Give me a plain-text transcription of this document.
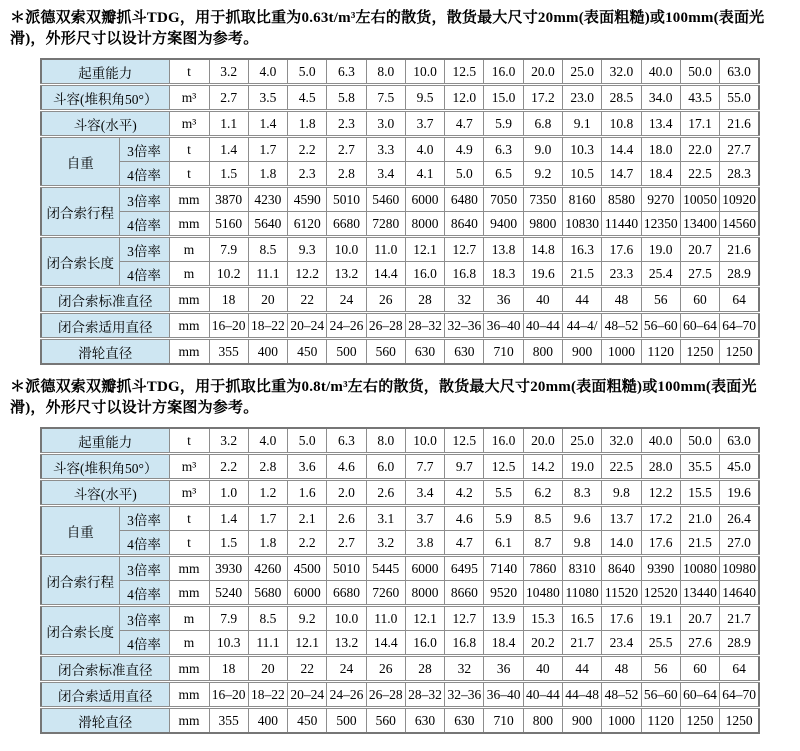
＊派德双索双瓣抓斗TDG，用于抓取比重为0.63t/m³左右的散货，散货最大尺寸20mm(表面粗糙)或100mm(表面光滑)，外形尺寸以设计方案图为参考。

起重能力		t	3.2	4.0	5.0	6.3	8.0	10.0	12.5	16.0	20.0	25.0	32.0	40.0	50.0	63.0
斗容(堆积角50°）		m³	2.7	3.5	4.5	5.8	7.5	9.5	12.0	15.0	17.2	23.0	28.5	34.0	43.5	55.0
斗容(水平)		m³	1.1	1.4	1.8	2.3	3.0	3.7	4.7	5.9	6.8	9.1	10.8	13.4	17.1	21.6
自重	3倍率	t	1.4	1.7	2.2	2.7	3.3	4.0	4.9	6.3	9.0	10.3	14.4	18.0	22.0	27.7
	4倍率	t	1.5	1.8	2.3	2.8	3.4	4.1	5.0	6.5	9.2	10.5	14.7	18.4	22.5	28.3
闭合索行程	3倍率	mm	3870	4230	4590	5010	5460	6000	6480	7050	7350	8160	8580	9270	10050	10920
	4倍率	mm	5160	5640	6120	6680	7280	8000	8640	9400	9800	10830	11440	12350	13400	14560
闭合索长度	3倍率	m	7.9	8.5	9.3	10.0	11.0	12.1	12.7	13.8	14.8	16.3	17.6	19.0	20.7	21.6
	4倍率	m	10.2	11.1	12.2	13.2	14.4	16.0	16.8	18.3	19.6	21.5	23.3	25.4	27.5	28.9
闭合索标准直径		mm	18	20	22	24	26	28	32	36	40	44	48	56	60	64
闭合索适用直径		mm	16–20	18–22	20–24	24–26	26–28	28–32	32–36	36–40	40–44	44–4/	48–52	56–60	60–64	64–70
滑轮直径		mm	355	400	450	500	560	630	630	710	800	900	1000	1120	1250	1250

＊派德双索双瓣抓斗TDG，用于抓取比重为0.8t/m³左右的散货，散货最大尺寸20mm(表面粗糙)或100mm(表面光滑)，外形尺寸以设计方案图为参考。

起重能力		t	3.2	4.0	5.0	6.3	8.0	10.0	12.5	16.0	20.0	25.0	32.0	40.0	50.0	63.0
斗容(堆积角50°）		m³	2.2	2.8	3.6	4.6	6.0	7.7	9.7	12.5	14.2	19.0	22.5	28.0	35.5	45.0
斗容(水平)		m³	1.0	1.2	1.6	2.0	2.6	3.4	4.2	5.5	6.2	8.3	9.8	12.2	15.5	19.6
自重	3倍率	t	1.4	1.7	2.1	2.6	3.1	3.7	4.6	5.9	8.5	9.6	13.7	17.2	21.0	26.4
	4倍率	t	1.5	1.8	2.2	2.7	3.2	3.8	4.7	6.1	8.7	9.8	14.0	17.6	21.5	27.0
闭合索行程	3倍率	mm	3930	4260	4500	5010	5445	6000	6495	7140	7860	8310	8640	9390	10080	10980
	4倍率	mm	5240	5680	6000	6680	7260	8000	8660	9520	10480	11080	11520	12520	13440	14640
闭合索长度	3倍率	m	7.9	8.5	9.2	10.0	11.0	12.1	12.7	13.9	15.3	16.5	17.6	19.1	20.7	21.7
	4倍率	m	10.3	11.1	12.1	13.2	14.4	16.0	16.8	18.4	20.2	21.7	23.4	25.5	27.6	28.9
闭合索标准直径		mm	18	20	22	24	26	28	32	36	40	44	48	56	60	64
闭合索适用直径		mm	16–20	18–22	20–24	24–26	26–28	28–32	32–36	36–40	40–44	44–48	48–52	56–60	60–64	64–70
滑轮直径		mm	355	400	450	500	560	630	630	710	800	900	1000	1120	1250	1250
